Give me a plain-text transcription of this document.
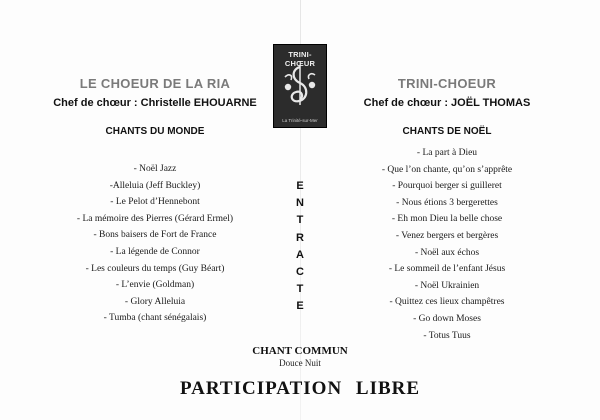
LE CHOEUR DE LA RIA
Chef de chœur : Christelle EHOUARNE
CHANTS DU MONDE
- Noël Jazz
-Alleluia (Jeff Buckley)
- Le Pelot d’Hennebont
- La mémoire des Pierres (Gérard Ermel)
- Bons baisers de Fort de France
- La légende de Connor
- Les couleurs du temps (Guy Béart)
- L’envie (Goldman)
- Glory Alleluia
- Tumba (chant sénégalais)
TRINI-CHŒUR
La Trinité-sur-Mer
E
N
T
R
A
C
T
E
TRINI-CHOEUR
Chef de chœur : JOËL THOMAS
CHANTS DE NOËL
- La part à Dieu
- Que l’on chante, qu’on s’apprête
- Pourquoi berger si guilleret
- Nous étions 3 bergerettes
- Eh mon Dieu la belle chose
- Venez bergers et bergères
- Noël aux échos
- Le sommeil de l’enfant Jésus
- Noël Ukrainien
- Quittez ces lieux champêtres
- Go down Moses
- Totus Tuus
CHANT COMMUN
Douce Nuit
PARTICIPATION LIBRE
